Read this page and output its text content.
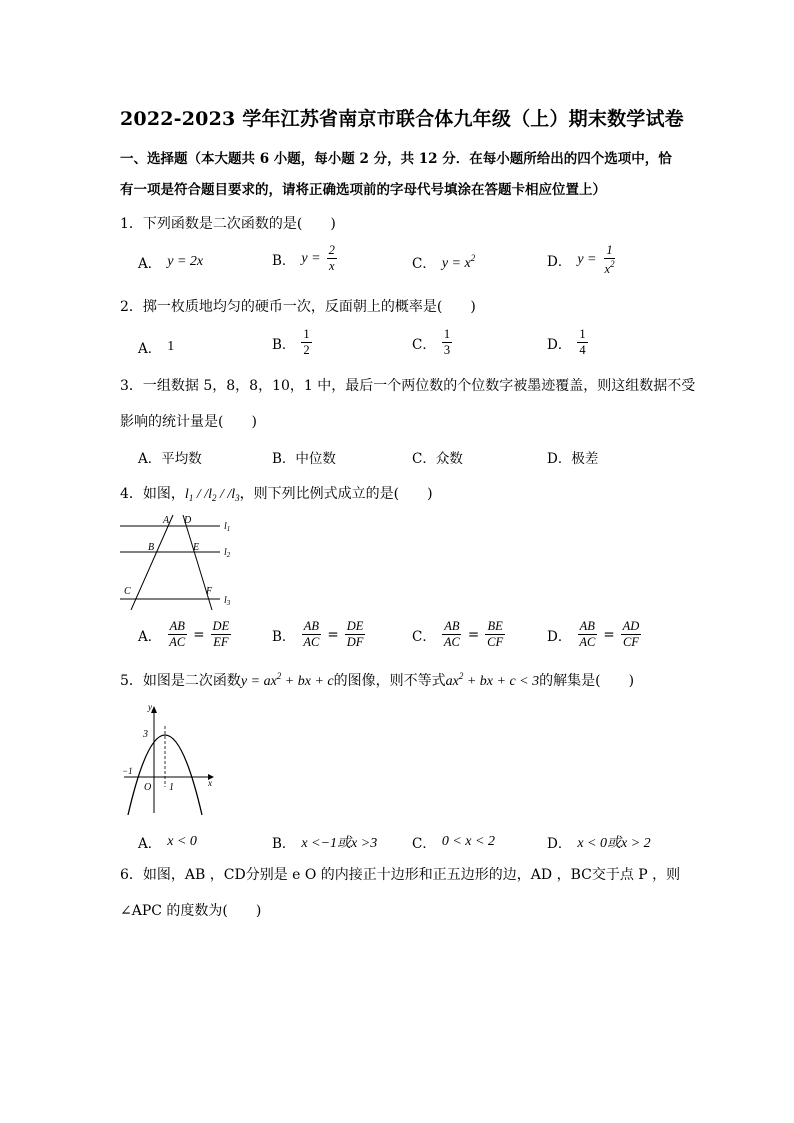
2022-2023 学年江苏省南京市联合体九年级（上）期末数学试卷
一、选择题（本大题共 6 小题，每小题 2 分，共 12 分．在每小题所给出的四个选项中，恰
有一项是符合题目要求的，请将正确选项前的字母代号填涂在答题卡相应位置上）
1．下列函数是二次函数的是(　　)
A． y = 2x	B． $y = \frac{2}{x}$	C． $y = x^2$	D． $y = \frac{1}{x^2}$
2．掷一枚质地均匀的硬币一次，反面朝上的概率是(　　)
A． 1	B． $\frac{1}{2}$	C． $\frac{1}{3}$	D． $\frac{1}{4}$
3．一组数据 5，8，8，10，1 中，最后一个两位数的个位数字被墨迹覆盖，则这组数据不受
影响的统计量是(　　)
A．平均数	B．中位数	C．众数	D．极差
4．如图，$l_1 / /l_2 / /l_3$，则下列比例式成立的是(　　)
A D
B	E
C	F
$l_1$
$l_2$
$l_3$
A． $\frac{AB}{AC} = \frac{DE}{EF}$	B． $\frac{AB}{AC} = \frac{DE}{DF}$	C． $\frac{AB}{AC} = \frac{BE}{CF}$	D． $\frac{AB}{AC} = \frac{AD}{CF}$
5．如图是二次函数$y = ax^2$ + bx + c的图像，则不等式$ax^2$ + bx + c < 3的解集是(　　)
y
x
3
−1
O 1
A． x < 0	B． x <−1或x >3	C． 0 < x < 2	D． x < 0或x > 2
6．如图，AB ，CD分别是 e O 的内接正十边形和正五边形的边，AD ，BC交于点 P ，则
∠APC 的度数为(　　)
